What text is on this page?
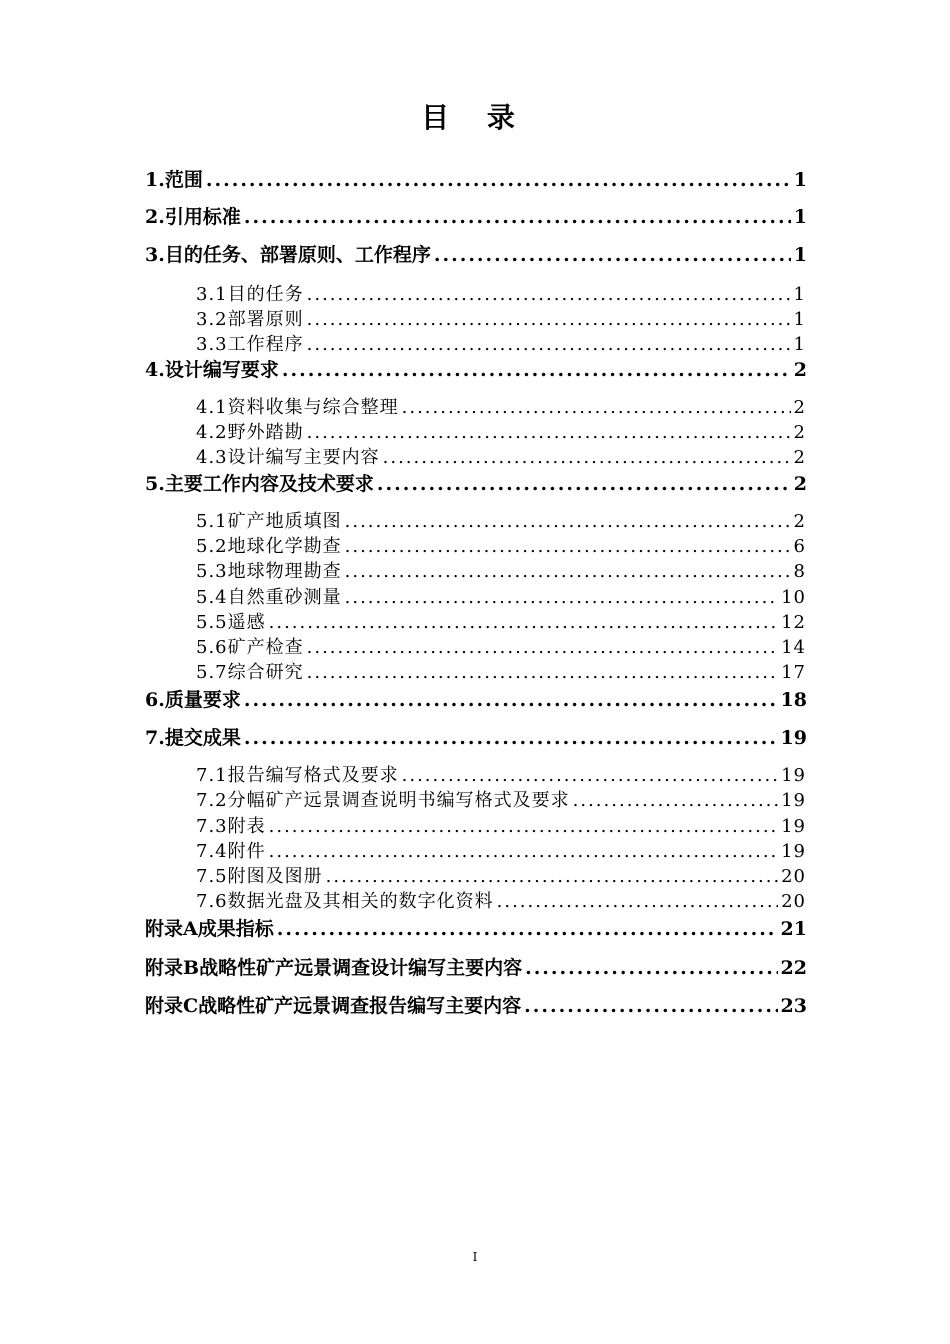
目 录
1. 范围 .....	1
2. 引用标准 .....	1
3. 目的任务、部署原则、工作程序 .....	1
3.1 目的任务 .....	1
3.2 部署原则 .....	1
3.3 工作程序 .....	1
4. 设计编写要求 .....	2
4.1 资料收集与综合整理 .....	2
4.2 野外踏勘 .....	2
4.3 设计编写主要内容 .....	2
5. 主要工作内容及技术要求 .....	2
5.1 矿产地质填图 .....	2
5.2 地球化学勘查 .....	6
5.3 地球物理勘查 .....	8
5.4 自然重砂测量 .....	10
5.5 遥感 .....	12
5.6 矿产检查 .....	14
5.7 综合研究 .....	17
6. 质量要求 .....	18
7. 提交成果 .....	19
7.1 报告编写格式及要求 .....	19
7.2 分幅矿产远景调查说明书编写格式及要求 .....	19
7.3 附表 .....	19
7.4 附件 .....	19
7.5 附图及图册 .....	20
7.6 数据光盘及其相关的数字化资料 .....	20
附录A 成果指标 .....	21
附录B 战略性矿产远景调查设计编写主要内容 .....	22
附录C 战略性矿产远景调查报告编写主要内容 .....	23
I
